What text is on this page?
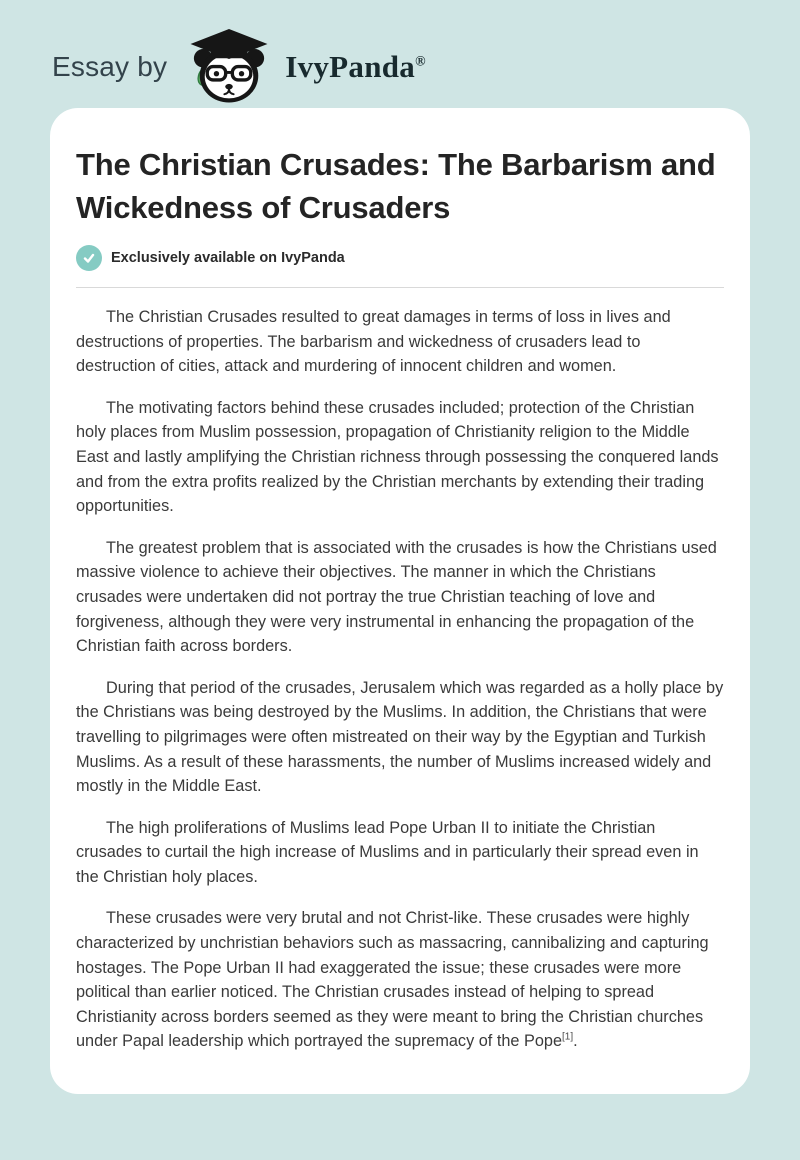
Essay by	IvyPanda®
The Christian Crusades: The Barbarism and Wickedness of Crusaders
Exclusively available on IvyPanda

The Christian Crusades resulted to great damages in terms of loss in lives and destructions of properties. The barbarism and wickedness of crusaders lead to destruction of cities, attack and murdering of innocent children and women.

The motivating factors behind these crusades included; protection of the Christian holy places from Muslim possession, propagation of Christianity religion to the Middle East and lastly amplifying the Christian richness through possessing the conquered lands and from the extra profits realized by the Christian merchants by extending their trading opportunities.

The greatest problem that is associated with the crusades is how the Christians used massive violence to achieve their objectives. The manner in which the Christians crusades were undertaken did not portray the true Christian teaching of love and forgiveness, although they were very instrumental in enhancing the propagation of the Christian faith across borders.

During that period of the crusades, Jerusalem which was regarded as a holly place by the Christians was being destroyed by the Muslims. In addition, the Christians that were travelling to pilgrimages were often mistreated on their way by the Egyptian and Turkish Muslims. As a result of these harassments, the number of Muslims increased widely and mostly in the Middle East.

The high proliferations of Muslims lead Pope Urban II to initiate the Christian crusades to curtail the high increase of Muslims and in particularly their spread even in the Christian holy places.

These crusades were very brutal and not Christ-like. These crusades were highly characterized by unchristian behaviors such as massacring, cannibalizing and capturing hostages. The Pope Urban II had exaggerated the issue; these crusades were more political than earlier noticed. The Christian crusades instead of helping to spread Christianity across borders seemed as they were meant to bring the Christian churches under Papal leadership which portrayed the supremacy of the Pope[1].
